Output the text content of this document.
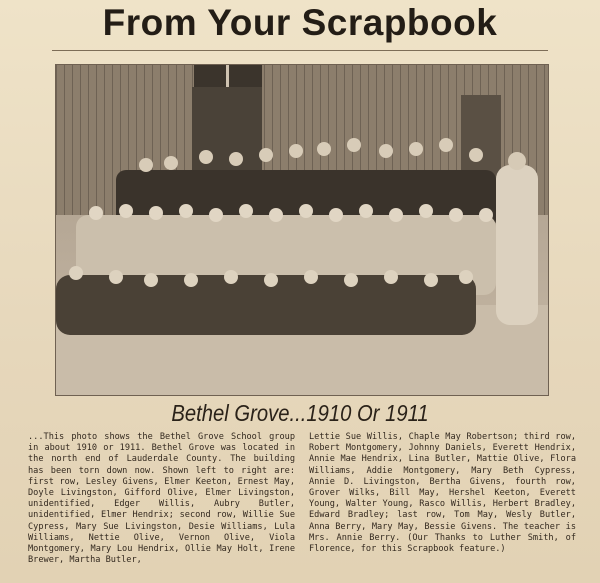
From Your Scrapbook
Bethel Grove...1910 Or 1911

...This photo shows the Bethel Grove School group in about 1910 or 1911. Bethel Grove was located in the north end of Lauderdale County. The building has been torn down now. Shown left to right are: first row, Lesley Givens, Elmer Keeton, Ernest May, Doyle Livingston, Gifford Olive, Elmer Livingston, unidentified, Edger Willis, Aubry Butler, unidentified, Elmer Hendrix; second row, Willie Sue Cypress, Mary Sue Livingston, Desie Williams, Lula Williams, Nettie Olive, Vernon Olive, Viola Montgomery, Mary Lou Hendrix, Ollie May Holt, Irene Brewer, Martha Butler,

Lettie Sue Willis, Chaple May Robertson; third row, Robert Montgomery, Johnny Daniels, Everett Hendrix, Annie Mae Hendrix, Lina Butler, Mattie Olive, Flora Williams, Addie Montgomery, Mary Beth Cypress, Annie D. Livingston, Bertha Givens, fourth row, Grover Wilks, Bill May, Hershel Keeton, Everett Young, Walter Young, Rasco Willis, Herbert Bradley, Edward Bradley; last row, Tom May, Wesly Butler, Anna Berry, Mary May, Bessie Givens. The teacher is Mrs. Annie Berry. (Our Thanks to Luther Smith, of Florence, for this Scrapbook feature.)
